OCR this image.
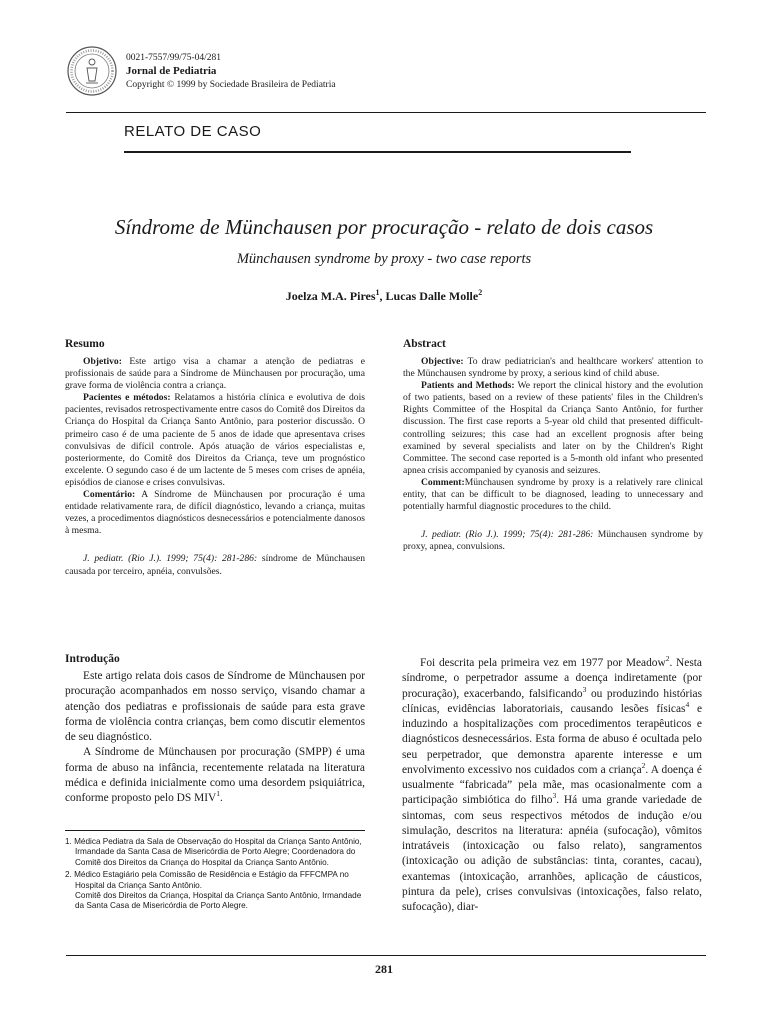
0021-7557/99/75-04/281
Jornal de Pediatria
Copyright © 1999 by Sociedade Brasileira de Pediatria
RELATO DE CASO
Síndrome de Münchausen por procuração - relato de dois casos
Münchausen syndrome by proxy - two case reports
Joelza M.A. Pires$^1$, Lucas Dalle Molle$^2$
Resumo

Objetivo: Este artigo visa a chamar a atenção de pediatras e profissionais de saúde para a Síndrome de Münchausen por procuração, uma grave forma de violência contra a criança.

Pacientes e métodos: Relatamos a história clínica e evolutiva de dois pacientes, revisados retrospectivamente entre casos do Comitê dos Direitos da Criança do Hospital da Criança Santo Antônio, para posterior discussão. O primeiro caso é de uma paciente de 5 anos de idade que apresentava crises convulsivas de difícil controle. Após atuação de vários especialistas e, posteriormente, do Comitê dos Direitos da Criança, teve um prognóstico excelente. O segundo caso é de um lactente de 5 meses com crises de apnéia, episódios de cianose e crises convulsivas.

Comentário: A Síndrome de Münchausen por procuração é uma entidade relativamente rara, de difícil diagnóstico, levando a criança, muitas vezes, a procedimentos diagnósticos desnecessários e potencialmente danosos à mesma.

J. pediatr. (Rio J.). 1999; 75(4): 281-286: síndrome de Münchausen causada por terceiro, apnéia, convulsões.
Abstract

Objective: To draw pediatrician's and healthcare workers' attention to the Münchausen syndrome by proxy, a serious kind of child abuse.

Patients and Methods: We report the clinical history and the evolution of two patients, based on a review of these patients' files in the Children's Rights Committee of the Hospital da Criança Santo Antônio, for further discussion. The first case reports a 5-year old child that presented difficult-controlling seizures; this case had an excellent prognosis after being examined by several specialists and later on by the Children's Right Committee. The second case reported is a 5-month old infant who presented apnea crisis accompanied by cyanosis and seizures.

Comment:Münchausen syndrome by proxy is a relatively rare clinical entity, that can be difficult to be diagnosed, leading to unnecessary and potentially harmful diagnostic procedures to the child.

J. pediatr. (Rio J.). 1999; 75(4): 281-286: Münchausen syndrome by proxy, apnea, convulsions.
Introdução

Este artigo relata dois casos de Síndrome de Münchausen por procuração acompanhados em nosso serviço, visando chamar a atenção dos pediatras e profissionais de saúde para esta grave forma de violência contra crianças, bem como discutir elementos de seu diagnóstico.

A Síndrome de Münchausen por procuração (SMPP) é uma forma de abuso na infância, recentemente relatada na literatura médica e definida inicialmente como uma desordem psiquiátrica, conforme proposto pelo DS MIV$^1$.

1. Médica Pediatra da Sala de Observação do Hospital da Criança Santo Antônio, Irmandade da Santa Casa de Misericórdia de Porto Alegre; Coordenadora do Comitê dos Direitos da Criança do Hospital da Criança Santo Antônio.
2. Médico Estagiário pela Comissão de Residência e Estágio da FFFCMPA no Hospital da Criança Santo Antônio.
Comitê dos Direitos da Criança, Hospital da Criança Santo Antônio, Irmandade da Santa Casa de Misericórdia de Porto Alegre.

Foi descrita pela primeira vez em 1977 por Meadow$^2$. Nesta síndrome, o perpetrador assume a doença indiretamente (por procuração), exacerbando, falsificando$^3$ ou produzindo histórias clínicas, evidências laboratoriais, causando lesões físicas$^4$ e induzindo a hospitalizações com procedimentos terapêuticos e diagnósticos desnecessários. Esta forma de abuso é ocultada pelo seu perpetrador, que demonstra aparente interesse e um envolvimento excessivo nos cuidados com a criança$^2$. A doença é usualmente “fabricada” pela mãe, mas ocasionalmente com a participação simbiótica do filho$^3$. Há uma grande variedade de sintomas, com seus respectivos métodos de indução e/ou simulação, descritos na literatura: apnéia (sufocação), vômitos intratáveis (intoxicação ou falso relato), sangramentos (intoxicação ou adição de substâncias: tinta, corantes, cacau), exantemas (intoxicação, arranhões, aplicação de cáusticos, pintura da pele), crises convulsivas (intoxicações, falso relato, sufocação), diar-

281
